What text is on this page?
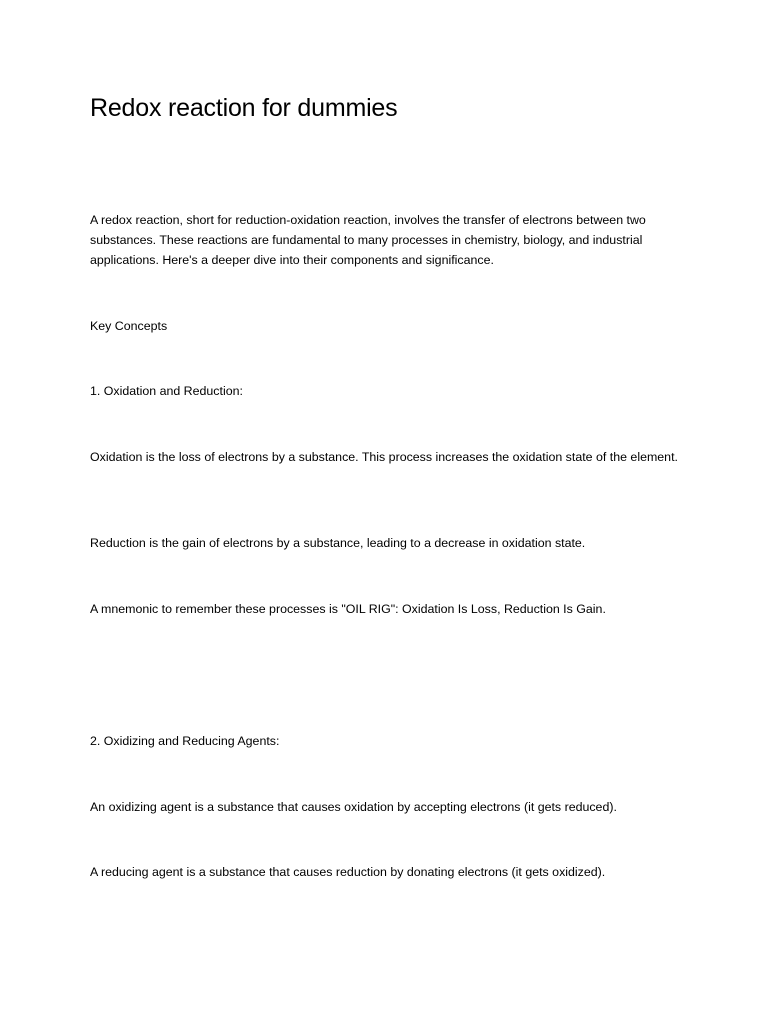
Redox reaction for dummies

A redox reaction, short for reduction-oxidation reaction, involves the transfer of electrons between two substances. These reactions are fundamental to many processes in chemistry, biology, and industrial applications. Here's a deeper dive into their components and significance.

Key Concepts

1. Oxidation and Reduction:

Oxidation is the loss of electrons by a substance. This process increases the oxidation state of the element.

Reduction is the gain of electrons by a substance, leading to a decrease in oxidation state.

A mnemonic to remember these processes is "OIL RIG": Oxidation Is Loss, Reduction Is Gain.

2. Oxidizing and Reducing Agents:

An oxidizing agent is a substance that causes oxidation by accepting electrons (it gets reduced).

A reducing agent is a substance that causes reduction by donating electrons (it gets oxidized).
